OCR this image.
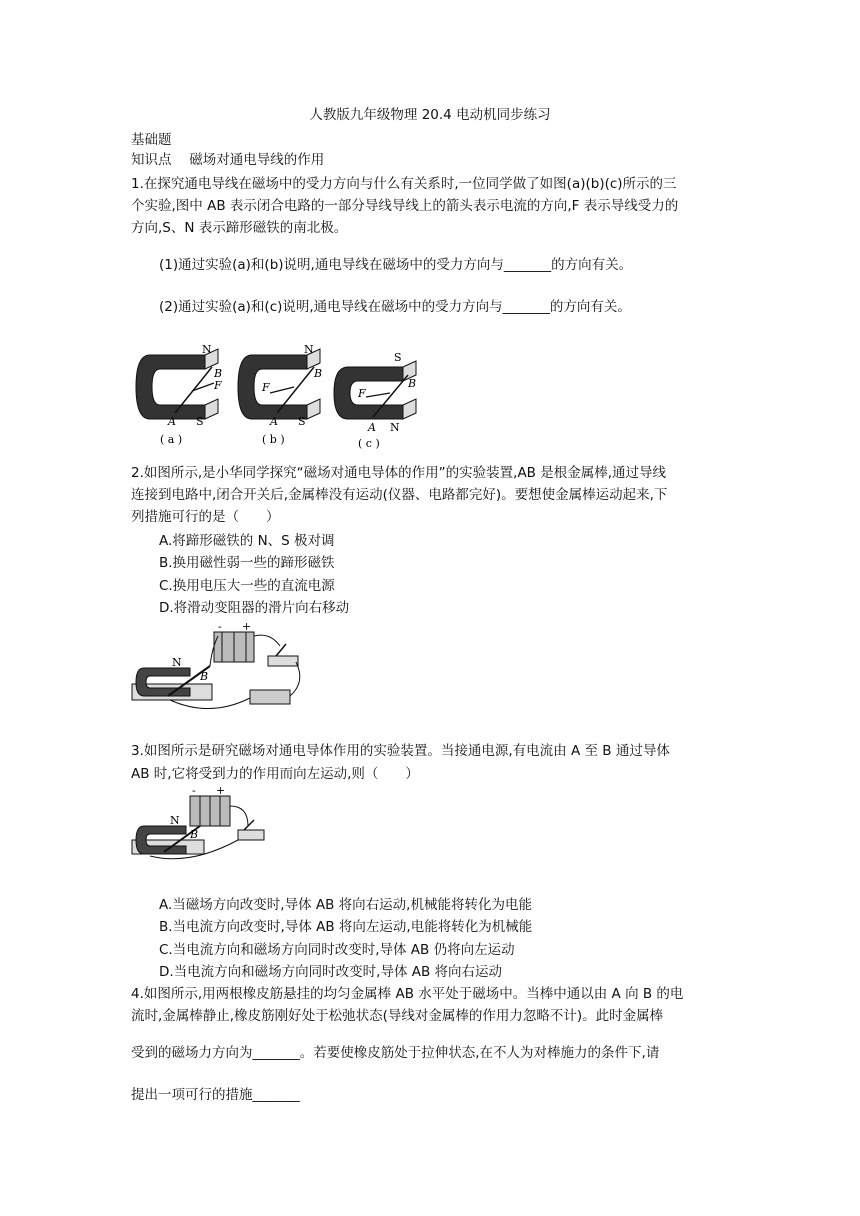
人教版九年级物理 20.4 电动机同步练习
基础题
知识点　 磁场对通电导线的作用
1.在探究通电导线在磁场中的受力方向与什么有关系时,一位同学做了如图(a)(b)(c)所示的三
个实验,图中 AB 表示闭合电路的一部分导线导线上的箭头表示电流的方向,F 表示导线受力的
方向,S、N 表示蹄形磁铁的南北极。
(1)通过实验(a)和(b)说明,通电导线在磁场中的受力方向与_______的方向有关。
(2)通过实验(a)和(c)说明,通电导线在磁场中的受力方向与_______的方向有关。
N
B
F
A S
( a )
N
B
F
A S
( b )
S
B
F
A N
( c )
2.如图所示,是小华同学探究“磁场对通电导体的作用”的实验装置,AB 是根金属棒,通过导线
连接到电路中,闭合开关后,金属棒没有运动(仪器、电路都完好)。要想使金属棒运动起来,下
列措施可行的是（　　）
A.将蹄形磁铁的 N、S 极对调
B.换用磁性弱一些的蹄形磁铁
C.换用电压大一些的直流电源
D.将滑动变阻器的滑片向右移动
- +
N
B
3.如图所示是研究磁场对通电导体作用的实验装置。当接通电源,有电流由 A 至 B 通过导体
AB 时,它将受到力的作用而向左运动,则（　　）
- +
N
B
A.当磁场方向改变时,导体 AB 将向右运动,机械能将转化为电能
B.当电流方向改变时,导体 AB 将向左运动,电能将转化为机械能
C.当电流方向和磁场方向同时改变时,导体 AB 仍将向左运动
D.当电流方向和磁场方向同时改变时,导体 AB 将向右运动
4.如图所示,用两根橡皮筋悬挂的均匀金属棒 AB 水平处于磁场中。当棒中通以由 A 向 B 的电
流时,金属棒静止,橡皮筋刚好处于松弛状态(导线对金属棒的作用力忽略不计)。此时金属棒
受到的磁场力方向为_______。若要使橡皮筋处于拉伸状态,在不人为对棒施力的条件下,请
提出一项可行的措施_______
